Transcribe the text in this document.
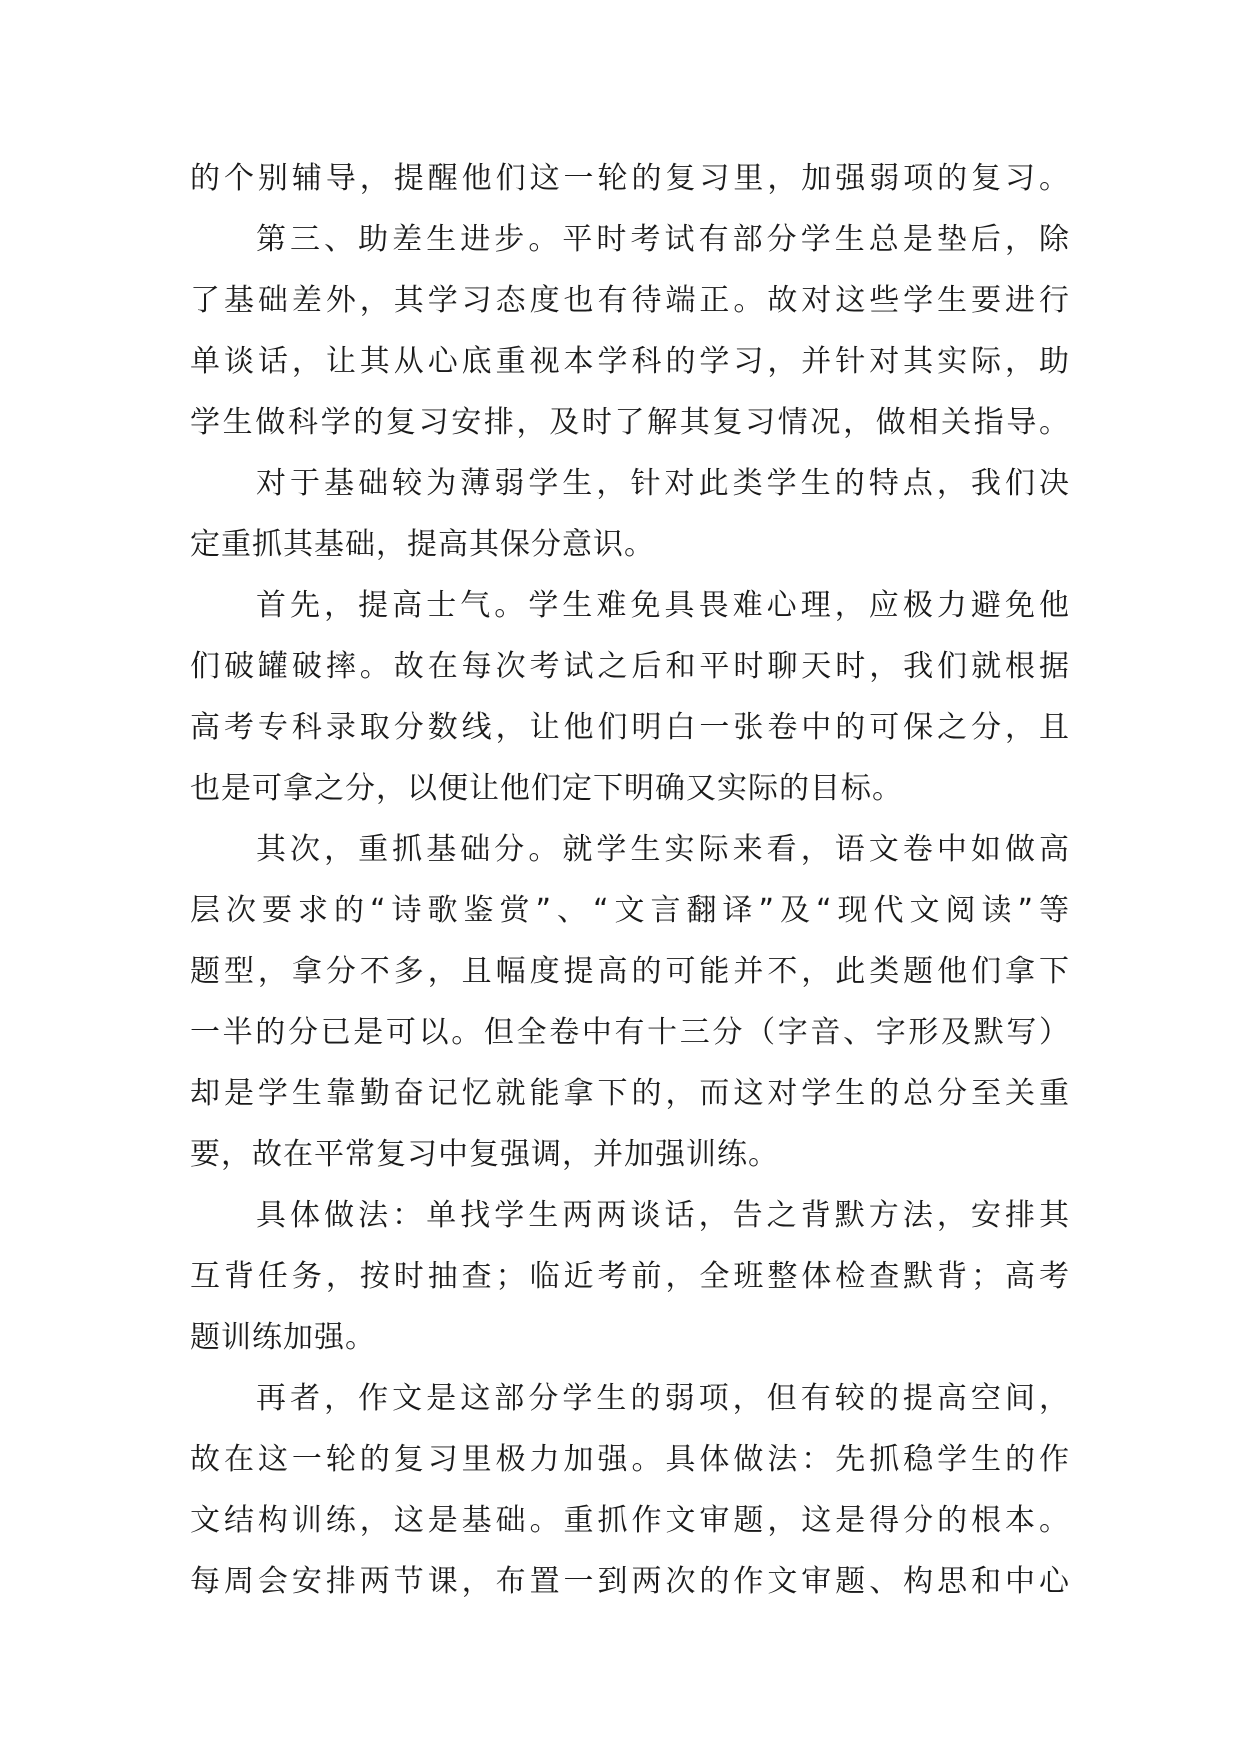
的个别辅导，提醒他们这一轮的复习里，加强弱项的复习。
第三、助差生进步。平时考试有部分学生总是垫后，除
了基础差外，其学习态度也有待端正。故对这些学生要进行
单谈话，让其从心底重视本学科的学习，并针对其实际，助
学生做科学的复习安排，及时了解其复习情况，做相关指导。
对于基础较为薄弱学生，针对此类学生的特点，我们决
定重抓其基础，提高其保分意识。
首先，提高士气。学生难免具畏难心理，应极力避免他
们破罐破摔。故在每次考试之后和平时聊天时，我们就根据
高考专科录取分数线，让他们明白一张卷中的可保之分，且
也是可拿之分，以便让他们定下明确又实际的目标。
其次，重抓基础分。就学生实际来看，语文卷中如做高
层次要求的“诗歌鉴赏”、“文言翻译”及“现代文阅读”等
题型，拿分不多，且幅度提高的可能并不，此类题他们拿下
一半的分已是可以。但全卷中有十三分（字音、字形及默写）
却是学生靠勤奋记忆就能拿下的，而这对学生的总分至关重
要，故在平常复习中复强调，并加强训练。
具体做法：单找学生两两谈话，告之背默方法，安排其
互背任务，按时抽查；临近考前，全班整体检查默背；高考
题训练加强。
再者，作文是这部分学生的弱项，但有较的提高空间，
故在这一轮的复习里极力加强。具体做法：先抓稳学生的作
文结构训练，这是基础。重抓作文审题，这是得分的根本。
每周会安排两节课，布置一到两次的作文审题、构思和中心
